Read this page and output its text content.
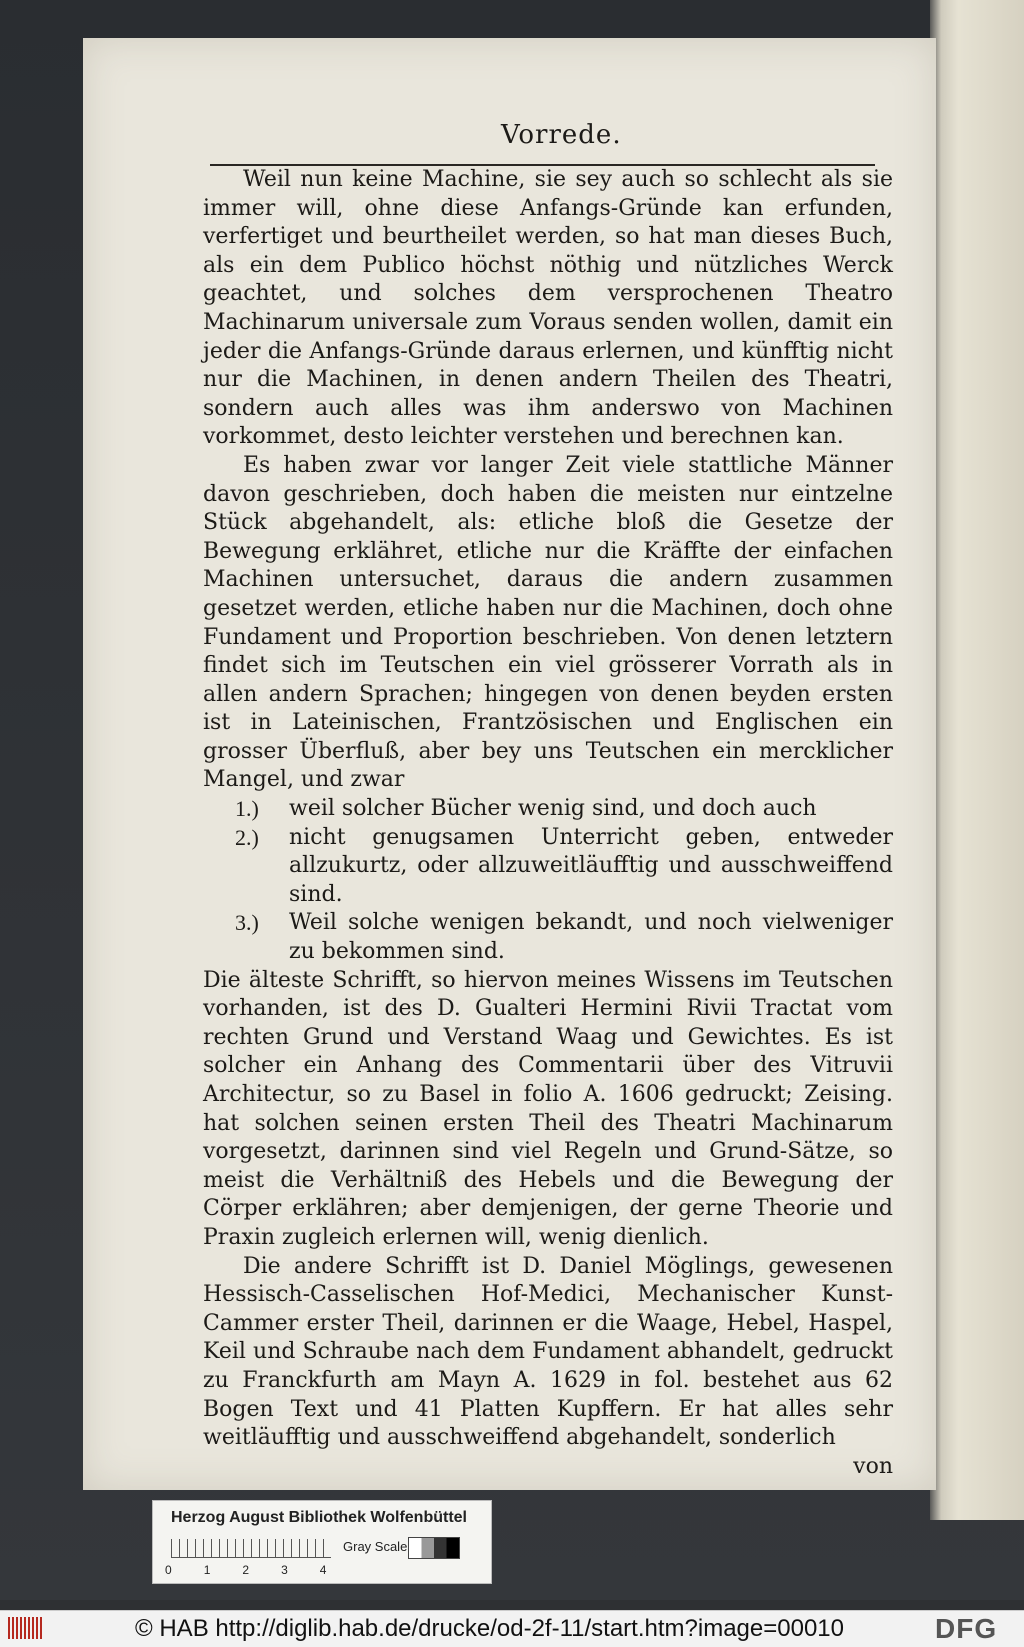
Vorrede.

Weil nun keine Machine, sie sey auch so schlecht als sie immer will, ohne diese Anfangs-Gründe kan erfunden, verfertiget und beurtheilet werden, so hat man dieses Buch, als ein dem Publico höchst nöthig und nützliches Werck geachtet, und solches dem versprochenen Theatro Machinarum universale zum Voraus senden wollen, damit ein jeder die Anfangs-Gründe daraus erlernen, und künfftig nicht nur die Machinen, in denen andern Theilen des Theatri, sondern auch alles was ihm anderswo von Machinen vorkommet, desto leichter verstehen und berechnen kan.

Es haben zwar vor langer Zeit viele stattliche Männer davon geschrieben, doch haben die meisten nur eintzelne Stück abgehandelt, als: etliche bloß die Gesetze der Bewegung erklähret, etliche nur die Kräffte der einfachen Machinen untersuchet, daraus die andern zusammen gesetzet werden, etliche haben nur die Machinen, doch ohne Fundament und Proportion beschrieben. Von denen letztern findet sich im Teutschen ein viel grösserer Vorrath als in allen andern Sprachen; hingegen von denen beyden ersten ist in Lateinischen, Frantzösischen und Englischen ein grosser Überfluß, aber bey uns Teutschen ein mercklicher Mangel, und zwar

1.) weil solcher Bücher wenig sind, und doch auch
2.) nicht genugsamen Unterricht geben, entweder allzukurtz, oder allzuweitläufftig und ausschweiffend sind.
3.) Weil solche wenigen bekandt, und noch vielweniger zu bekommen sind.

Die älteste Schrifft, so hiervon meines Wissens im Teutschen vorhanden, ist des D. Gualteri Hermini Rivii Tractat vom rechten Grund und Verstand Waag und Gewichtes. Es ist solcher ein Anhang des Commentarii über des Vitruvii Architectur, so zu Basel in folio A. 1606 gedruckt; Zeising. hat solchen seinen ersten Theil des Theatri Machinarum vorgesetzt, darinnen sind viel Regeln und Grund-Sätze, so meist die Verhältniß des Hebels und die Bewegung der Cörper erklähren; aber demjenigen, der gerne Theorie und Praxin zugleich erlernen will, wenig dienlich.

Die andere Schrifft ist D. Daniel Möglings, gewesenen Hessisch-Casselischen Hof-Medici, Mechanischer Kunst-Cammer erster Theil, darinnen er die Waage, Hebel, Haspel, Keil und Schraube nach dem Fundament abhandelt, gedruckt zu Franckfurth am Mayn A. 1629 in fol. bestehet aus 62 Bogen Text und 41 Platten Kupffern. Er hat alles sehr weitläufftig und ausschweiffend abgehandelt, sonderlich

von

Herzog August Bibliothek Wolfenbüttel
0	1	2	3	4
Gray Scale
© HAB http://diglib.hab.de/drucke/od-2f-11/start.htm?image=00010	DFG
